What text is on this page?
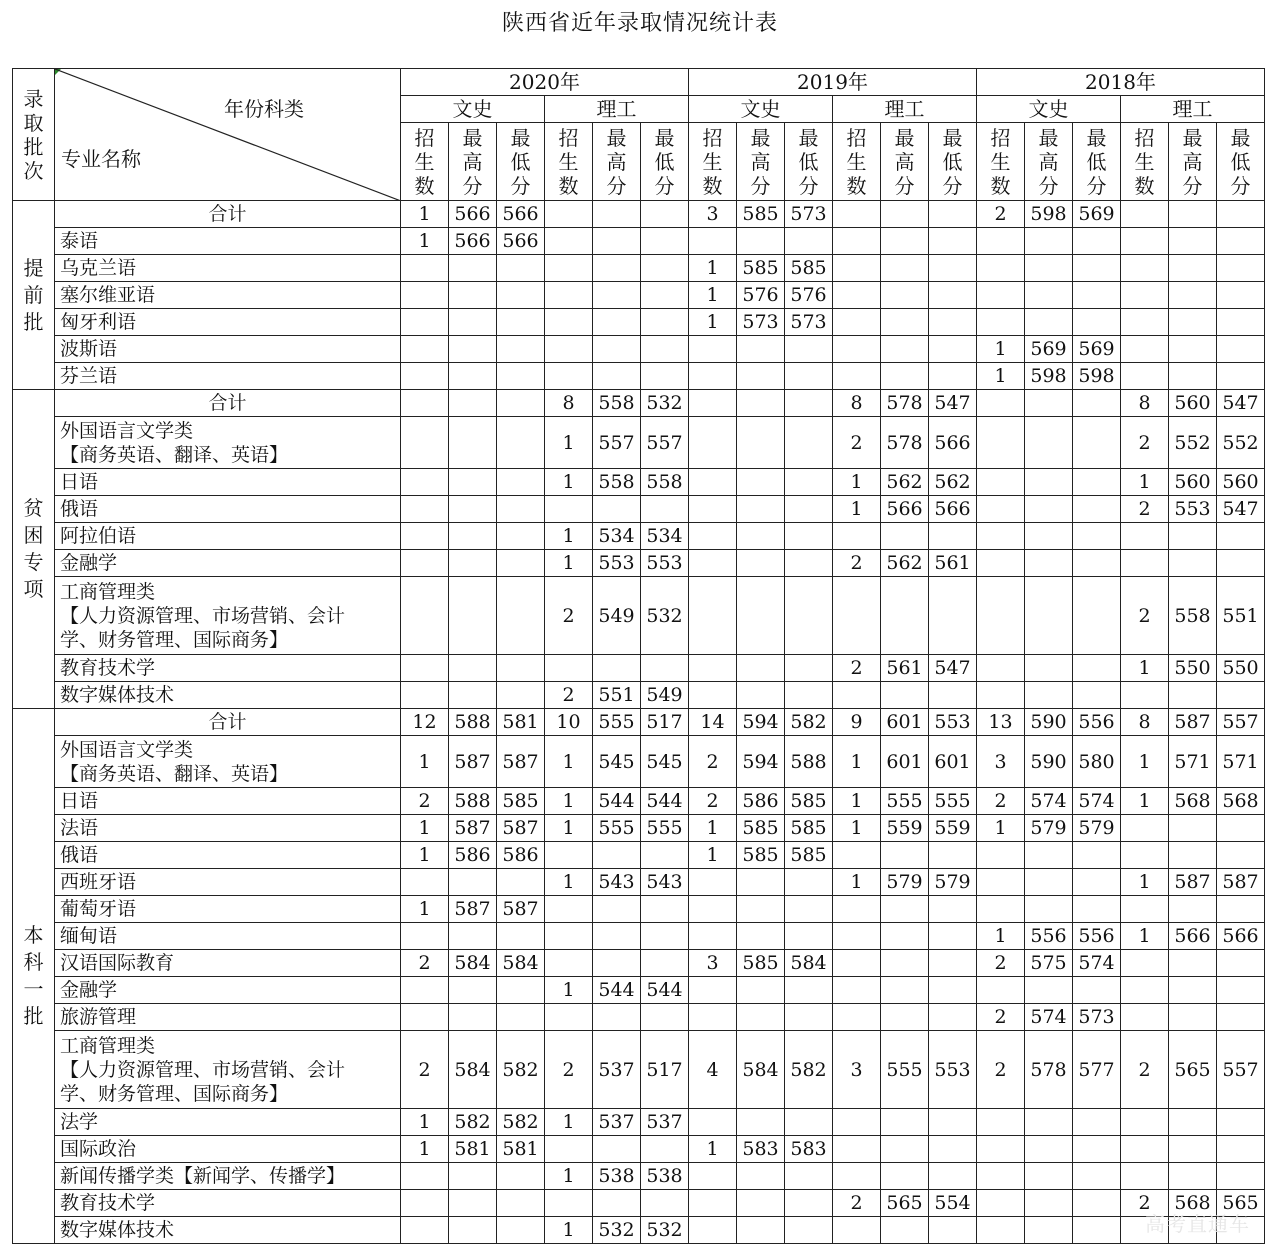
陕西省近年录取情况统计表
录取批次	年份科类
专业名称	2020年						2019年						2018年					
		文史			理工			文史			理工			文史			理工		
		招生数	最高分	最低分	招生数	最高分	最低分	招生数	最高分	最低分	招生数	最高分	最低分	招生数	最高分	最低分	招生数	最高分	最低分
提前批	合计	1	566	566				3	585	573				2	598	569			

	泰语	1	566	566															

	乌克兰语							1	585	585									

	塞尔维亚语							1	576	576									

	匈牙利语							1	573	573									

	波斯语													1	569	569			

	芬兰语													1	598	598			
贫困专项	合计				8	558	532				8	578	547				8	560	547

	外国语言文学类
【商务英语、翻译、英语】				1	557	557				2	578	566				2	552	552

	日语				1	558	558				1	562	562				1	560	560

	俄语										1	566	566				2	553	547

	阿拉伯语				1	534	534												

	金融学				1	553	553				2	562	561						

	工商管理类
【人力资源管理、市场营销、会计
学、财务管理、国际商务】				2	549	532										2	558	551

	教育技术学										2	561	547				1	550	550

	数字媒体技术				2	551	549												
本科一批	合计	12	588	581	10	555	517	14	594	582	9	601	553	13	590	556	8	587	557

	外国语言文学类
【商务英语、翻译、英语】	1	587	587	1	545	545	2	594	588	1	601	601	3	590	580	1	571	571

	日语	2	588	585	1	544	544	2	586	585	1	555	555	2	574	574	1	568	568

	法语	1	587	587	1	555	555	1	585	585	1	559	559	1	579	579			

	俄语	1	586	586				1	585	585									

	西班牙语				1	543	543				1	579	579				1	587	587

	葡萄牙语	1	587	587															

	缅甸语													1	556	556	1	566	566

	汉语国际教育	2	584	584				3	585	584				2	575	574			

	金融学				1	544	544												

	旅游管理													2	574	573			

	工商管理类
【人力资源管理、市场营销、会计
学、财务管理、国际商务】	2	584	582	2	537	517	4	584	582	3	555	553	2	578	577	2	565	557

	法学	1	582	582	1	537	537												

	国际政治	1	581	581				1	583	583									

	新闻传播学类【新闻学、传播学】				1	538	538												

	教育技术学										2	565	554				2	568	565

	数字媒体技术				1	532	532													高考直通车
